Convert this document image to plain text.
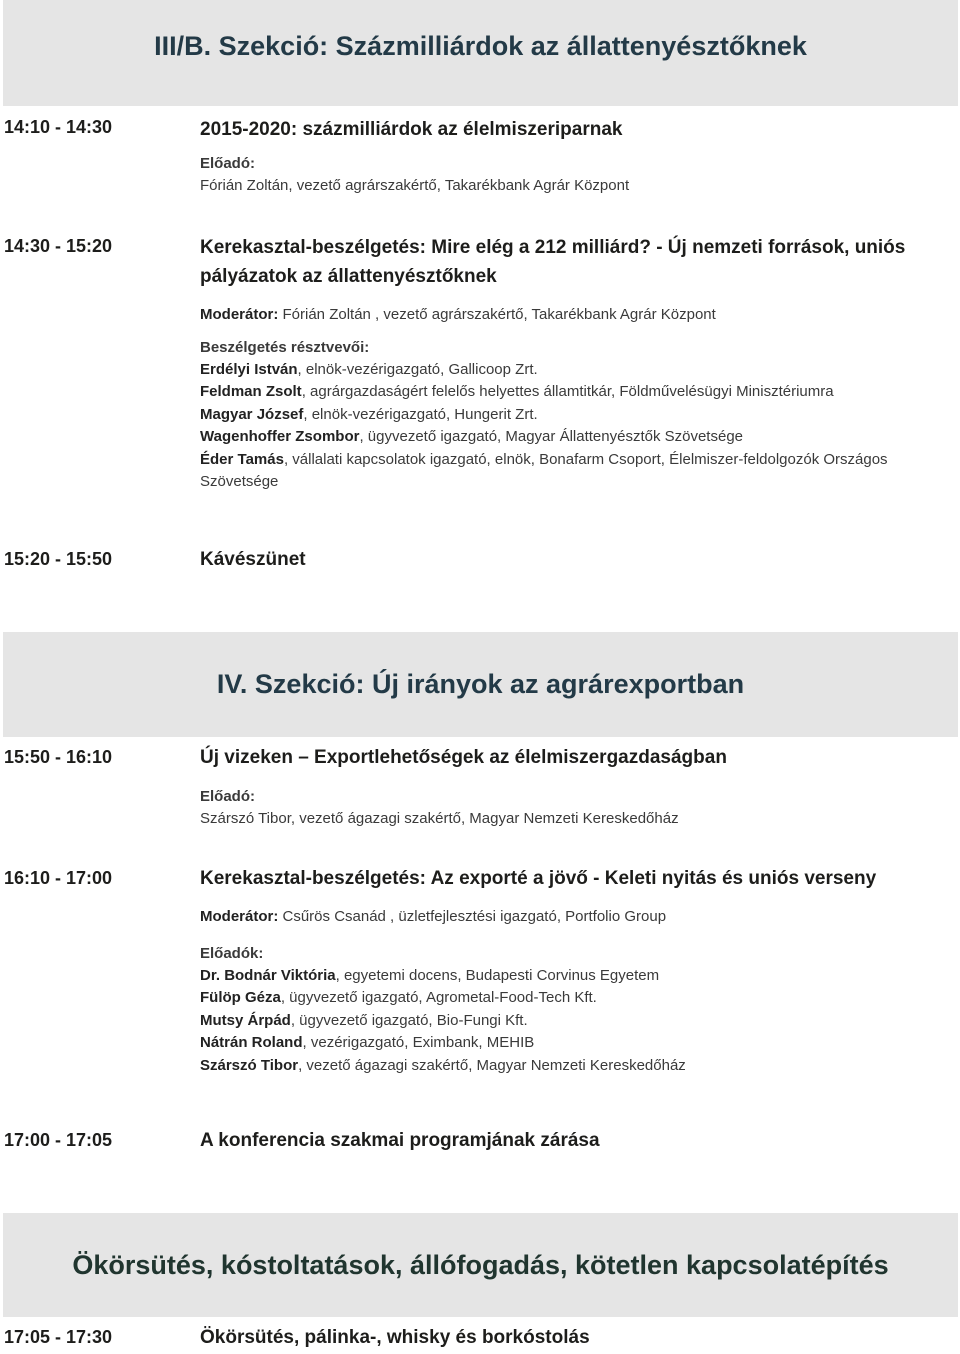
III/B. Szekció: Százmilliárdok az állattenyésztőknek
14:10 - 14:30	2015-2020: százmilliárdok az élelmiszeriparnak
Előadó:
Fórián Zoltán, vezető agrárszakértő, Takarékbank Agrár Központ
14:30 - 15:20	Kerekasztal-beszélgetés: Mire elég a 212 milliárd? - Új nemzeti források, uniós pályázatok az állattenyésztőknek
Moderátor: Fórián Zoltán , vezető agrárszakértő, Takarékbank Agrár Központ
Beszélgetés résztvevői:
Erdélyi István, elnök-vezérigazgató, Gallicoop Zrt.
Feldman Zsolt, agrárgazdaságért felelős helyettes államtitkár, Földművelésügyi Minisztériumra
Magyar József, elnök-vezérigazgató, Hungerit Zrt.
Wagenhoffer Zsombor, ügyvezető igazgató, Magyar Állattenyésztők Szövetsége
Éder Tamás, vállalati kapcsolatok igazgató, elnök, Bonafarm Csoport, Élelmiszer-feldolgozók Országos Szövetsége
15:20 - 15:50	Kávészünet
IV. Szekció: Új irányok az agrárexportban
15:50 - 16:10	Új vizeken – Exportlehetőségek az élelmiszergazdaságban
Előadó:
Szárszó Tibor, vezető ágazagi szakértő, Magyar Nemzeti Kereskedőház
16:10 - 17:00	Kerekasztal-beszélgetés: Az exporté a jövő - Keleti nyitás és uniós verseny
Moderátor: Csűrös Csanád , üzletfejlesztési igazgató, Portfolio Group
Előadók:
Dr. Bodnár Viktória, egyetemi docens, Budapesti Corvinus Egyetem
Fülöp Géza, ügyvezető igazgató, Agrometal-Food-Tech Kft.
Mutsy Árpád, ügyvezető igazgató, Bio-Fungi Kft.
Nátrán Roland, vezérigazgató, Eximbank, MEHIB
Szárszó Tibor, vezető ágazagi szakértő, Magyar Nemzeti Kereskedőház
17:00 - 17:05	A konferencia szakmai programjának zárása
Ökörsütés, kóstoltatások, állófogadás, kötetlen kapcsolatépítés
17:05 - 17:30	Ökörsütés, pálinka-, whisky és borkóstolás
